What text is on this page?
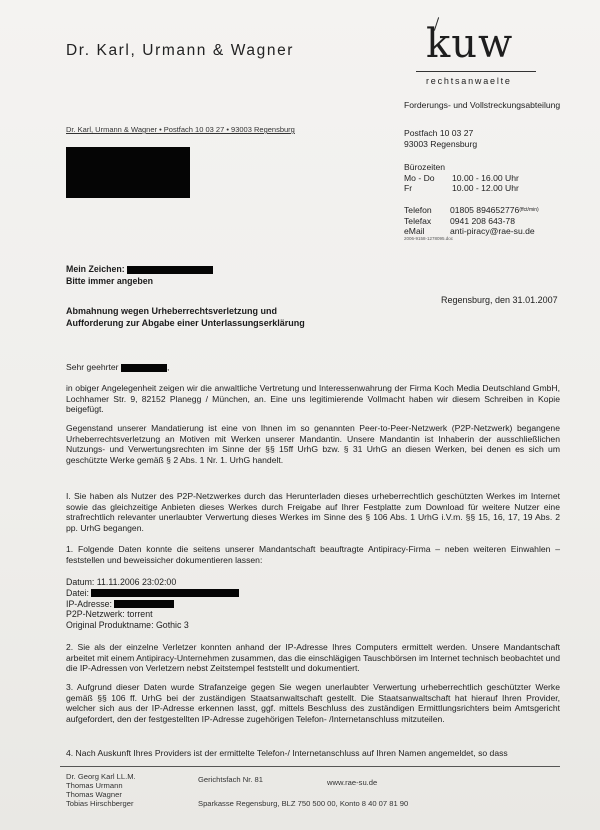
Dr. Karl, Urmann & Wagner	kuw
rechtsanwaelte
Dr. Karl, Urmann & Wagner • Postfach 10 03 27 • 93003 Regensburg
Forderungs- und Vollstreckungsabteilung
Postfach 10 03 27
93003 Regensburg
Bürozeiten
Mo - Do	10.00 - 16.00 Uhr
Fr	10.00 - 12.00 Uhr
Telefon	01805 894652776 (ffct/min)
Telefax	0941 208 643-78
eMail	anti-piracy@rae-su.de
2006-9158-1278095.doc
Mein Zeichen:
Bitte immer angeben
Regensburg, den 31.01.2007
Abmahnung wegen Urheberrechtsverletzung und
Aufforderung zur Abgabe einer Unterlassungserklärung
Sehr geehrter	,
in obiger Angelegenheit zeigen wir die anwaltliche Vertretung und Interessenwahrung der Firma Koch Media Deutschland GmbH, Lochhamer Str. 9, 82152 Planegg / München, an. Eine uns legitimierende Vollmacht haben wir diesem Schreiben in Kopie beigefügt.
Gegenstand unserer Mandatierung ist eine von Ihnen im so genannten Peer-to-Peer-Netzwerk (P2P-Netzwerk) begangene Urheberrechtsverletzung an Motiven mit Werken unserer Mandantin. Unsere Mandantin ist Inhaberin der ausschließlichen Nutzungs- und Verwertungsrechten im Sinne der §§ 15ff UrhG bzw. § 31 UrhG an diesen Werken, bei denen es sich um geschützte Werke gemäß § 2 Abs. 1 Nr. 1. UrhG handelt.
I. Sie haben als Nutzer des P2P-Netzwerkes durch das Herunterladen dieses urheberrechtlich geschützten Werkes im Internet sowie das gleichzeitige Anbieten dieses Werkes durch Freigabe auf Ihrer Festplatte zum Download für weitere Nutzer eine strafrechtlich relevanter unerlaubter Verwertung dieses Werkes im Sinne des § 106 Abs. 1 UrhG i.V.m. §§ 15, 16, 17, 19 Abs. 2 pp. UrhG begangen.
1. Folgende Daten konnte die seitens unserer Mandantschaft beauftragte Antipiracy-Firma – neben weiteren Einwahlen – feststellen und beweissicher dokumentieren lassen:
Datum: 11.11.2006 23:02:00
Datei:
IP-Adresse:
P2P-Netzwerk: torrent
Original Produktname: Gothic 3
2. Sie als der einzelne Verletzer konnten anhand der IP-Adresse Ihres Computers ermittelt werden. Unsere Mandantschaft arbeitet mit einem Antipiracy-Unternehmen zusammen, das die einschlägigen Tauschbörsen im Internet technisch beobachtet und die IP-Adressen von Verletzern nebst Zeitstempel feststellt und dokumentiert.
3. Aufgrund dieser Daten wurde Strafanzeige gegen Sie wegen unerlaubter Verwertung urheberrechtlich geschützter Werke gemäß §§ 106 ff. UrhG bei der zuständigen Staatsanwaltschaft gestellt. Die Staatsanwaltschaft hat hierauf Ihren Provider, welcher sich aus der IP-Adresse erkennen lasst, ggf. mittels Beschluss des zuständigen Ermittlungsrichters beim Amtsgericht aufgefordert, den der festgestellten IP-Adresse zugehörigen Telefon- /Internetanschluss mitzuteilen.
4. Nach Auskunft Ihres Providers ist der ermittelte Telefon-/ Internetanschluss auf Ihren Namen angemeldet, so dass
Dr. Georg Karl LL.M.
Thomas Urmann
Thomas Wagner
Tobias Hirschberger
Gerichtsfach Nr. 81	www.rae-su.de
Sparkasse Regensburg, BLZ 750 500 00, Konto 8 40 07 81 90
